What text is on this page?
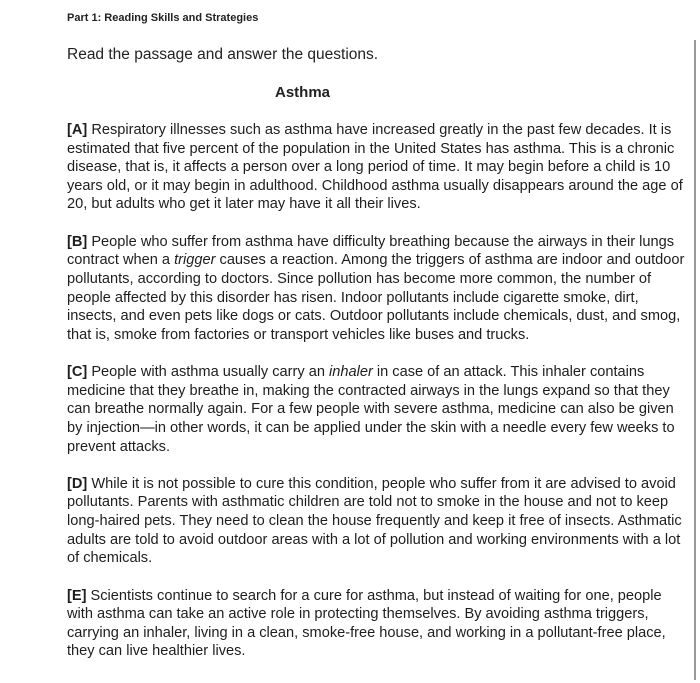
Part 1: Reading Skills and Strategies
Read the passage and answer the questions.
Asthma

[A] Respiratory illnesses such as asthma have increased greatly in the past few decades. It is estimated that five percent of the population in the United States has asthma. This is a chronic disease, that is, it affects a person over a long period of time. It may begin before a child is 10 years old, or it may begin in adulthood. Childhood asthma usually disappears around the age of 20, but adults who get it later may have it all their lives.

[B] People who suffer from asthma have difficulty breathing because the airways in their lungs contract when a trigger causes a reaction. Among the triggers of asthma are indoor and outdoor pollutants, according to doctors. Since pollution has become more common, the number of people affected by this disorder has risen. Indoor pollutants include cigarette smoke, dirt, insects, and even pets like dogs or cats. Outdoor pollutants include chemicals, dust, and smog, that is, smoke from factories or transport vehicles like buses and trucks.

[C] People with asthma usually carry an inhaler in case of an attack. This inhaler contains medicine that they breathe in, making the contracted airways in the lungs expand so that they can breathe normally again. For a few people with severe asthma, medicine can also be given by injection—in other words, it can be applied under the skin with a needle every few weeks to prevent attacks.

[D] While it is not possible to cure this condition, people who suffer from it are advised to avoid pollutants. Parents with asthmatic children are told not to smoke in the house and not to keep long-haired pets. They need to clean the house frequently and keep it free of insects. Asthmatic adults are told to avoid outdoor areas with a lot of pollution and working environments with a lot of chemicals.

[E] Scientists continue to search for a cure for asthma, but instead of waiting for one, people with asthma can take an active role in protecting themselves. By avoiding asthma triggers, carrying an inhaler, living in a clean, smoke-free house, and working in a pollutant-free place, they can live healthier lives.
